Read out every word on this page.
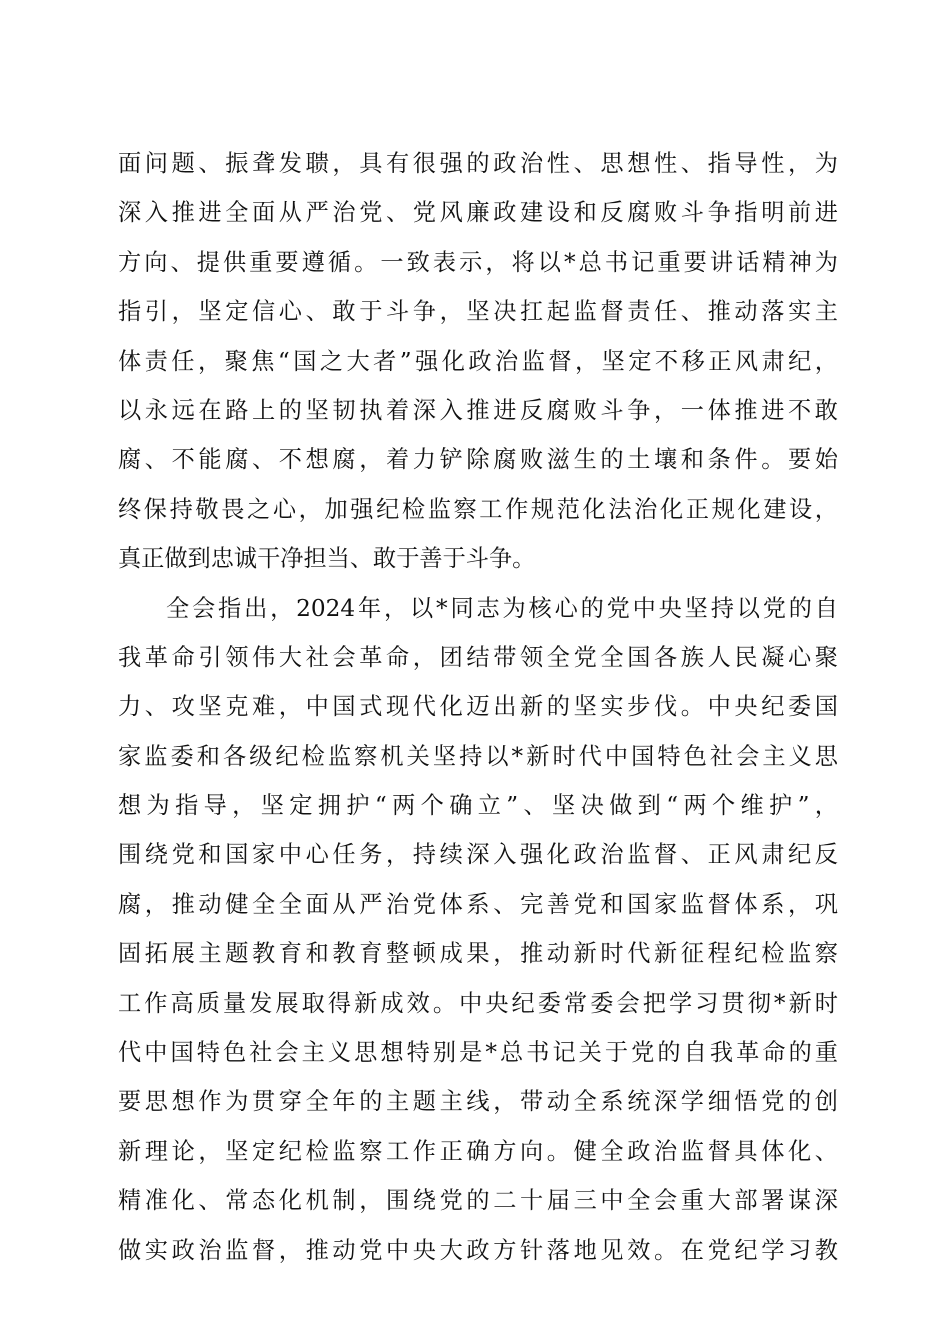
面问题、振聋发聩，具有很强的政治性、思想性、指导性，为
深入推进全面从严治党、党风廉政建设和反腐败斗争指明前进
方向、提供重要遵循。一致表示，将以*总书记重要讲话精神为
指引，坚定信心、敢于斗争，坚决扛起监督责任、推动落实主
体责任，聚焦“国之大者”强化政治监督，坚定不移正风肃纪，
以永远在路上的坚韧执着深入推进反腐败斗争，一体推进不敢
腐、不能腐、不想腐，着力铲除腐败滋生的土壤和条件。要始
终保持敬畏之心，加强纪检监察工作规范化法治化正规化建设，
真正做到忠诚干净担当、敢于善于斗争。
全会指出，2024年，以*同志为核心的党中央坚持以党的自
我革命引领伟大社会革命，团结带领全党全国各族人民凝心聚
力、攻坚克难，中国式现代化迈出新的坚实步伐。中央纪委国
家监委和各级纪检监察机关坚持以*新时代中国特色社会主义思
想为指导，坚定拥护“两个确立”、坚决做到“两个维护”，
围绕党和国家中心任务，持续深入强化政治监督、正风肃纪反
腐，推动健全全面从严治党体系、完善党和国家监督体系，巩
固拓展主题教育和教育整顿成果，推动新时代新征程纪检监察
工作高质量发展取得新成效。中央纪委常委会把学习贯彻*新时
代中国特色社会主义思想特别是*总书记关于党的自我革命的重
要思想作为贯穿全年的主题主线，带动全系统深学细悟党的创
新理论，坚定纪检监察工作正确方向。健全政治监督具体化、
精准化、常态化机制，围绕党的二十届三中全会重大部署谋深
做实政治监督，推动党中央大政方针落地见效。在党纪学习教
